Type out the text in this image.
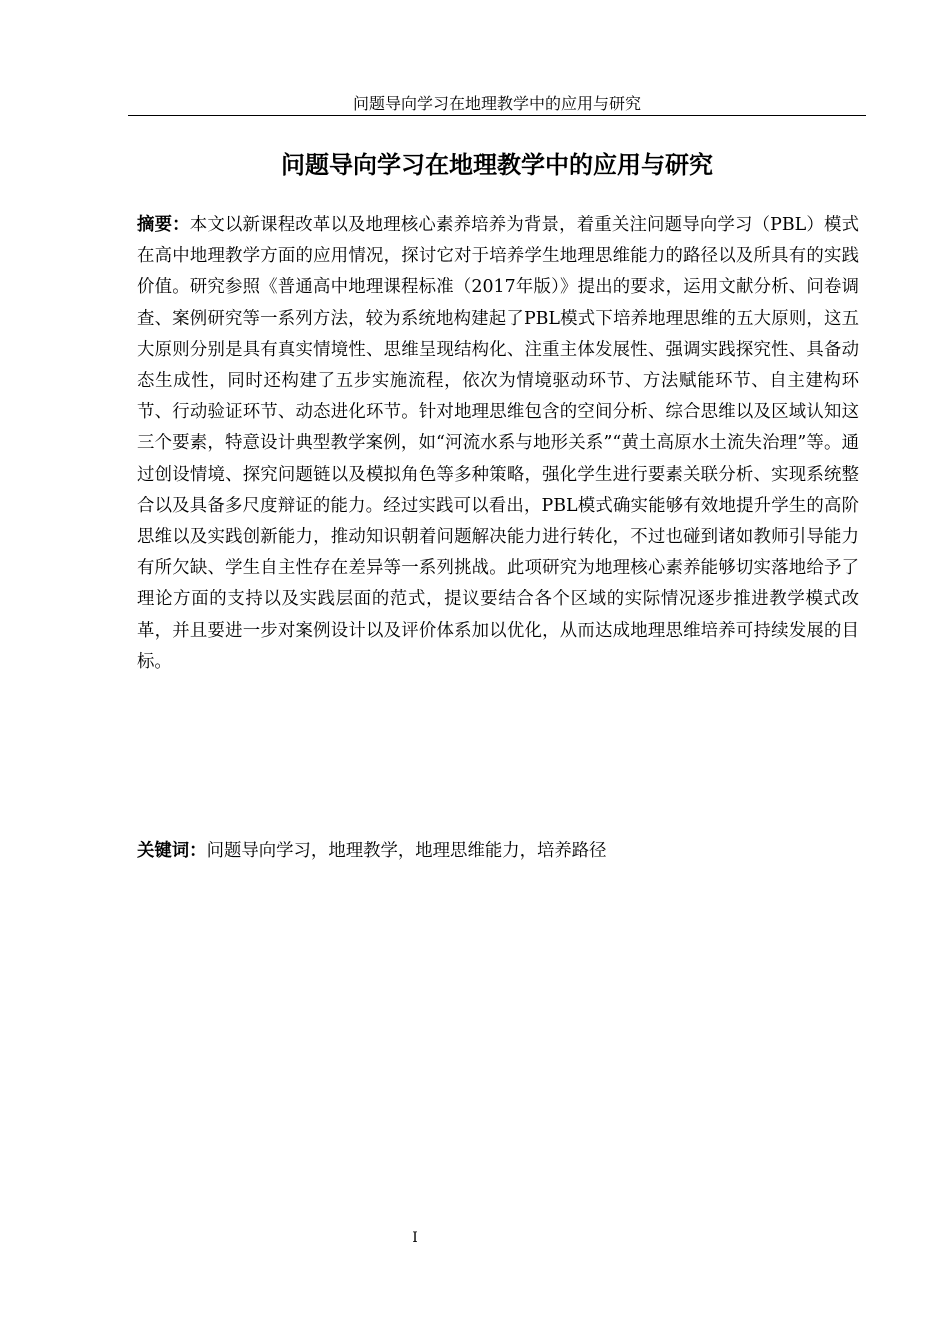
问题导向学习在地理教学中的应用与研究
问题导向学习在地理教学中的应用与研究

摘要：本文以新课程改革以及地理核心素养培养为背景，着重关注问题导向学习（PBL）模式在高中地理教学方面的应用情况，探讨它对于培养学生地理思维能力的路径以及所具有的实践价值。研究参照《普通高中地理课程标准（2017年版）》提出的要求，运用文献分析、问卷调查、案例研究等一系列方法，较为系统地构建起了PBL模式下培养地理思维的五大原则，这五大原则分别是具有真实情境性、思维呈现结构化、注重主体发展性、强调实践探究性、具备动态生成性，同时还构建了五步实施流程，依次为情境驱动环节、方法赋能环节、自主建构环节、行动验证环节、动态进化环节。针对地理思维包含的空间分析、综合思维以及区域认知这三个要素，特意设计典型教学案例，如“河流水系与地形关系”“黄土高原水土流失治理”等。通过创设情境、探究问题链以及模拟角色等多种策略，强化学生进行要素关联分析、实现系统整合以及具备多尺度辩证的能力。经过实践可以看出，PBL模式确实能够有效地提升学生的高阶思维以及实践创新能力，推动知识朝着问题解决能力进行转化，不过也碰到诸如教师引导能力有所欠缺、学生自主性存在差异等一系列挑战。此项研究为地理核心素养能够切实落地给予了理论方面的支持以及实践层面的范式，提议要结合各个区域的实际情况逐步推进教学模式改革，并且要进一步对案例设计以及评价体系加以优化，从而达成地理思维培养可持续发展的目标。

关键词：问题导向学习，地理教学，地理思维能力，培养路径

I
